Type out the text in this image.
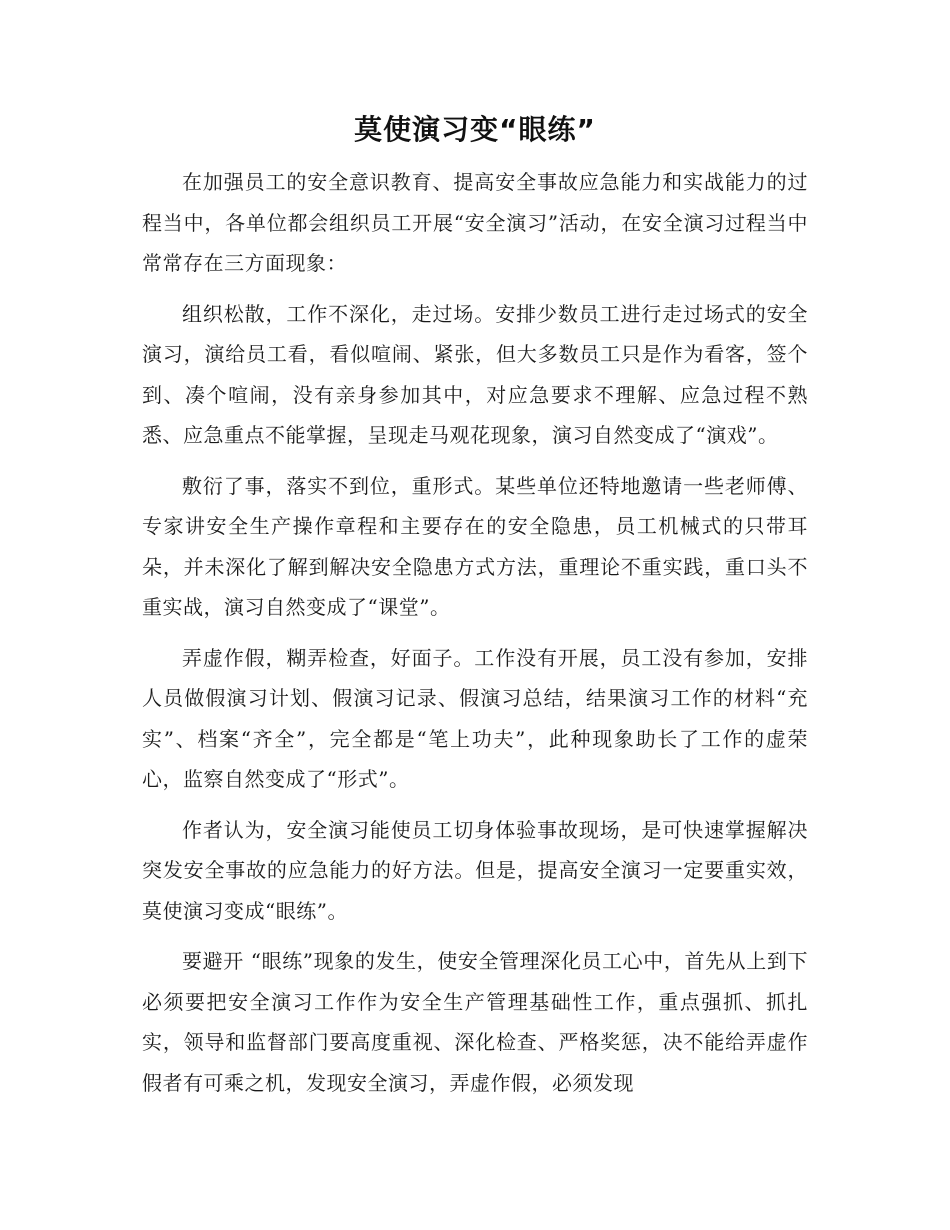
莫使演习变“眼练”

在加强员工的安全意识教育、提高安全事故应急能力和实战能力的过程当中，各单位都会组织员工开展“安全演习”活动，在安全演习过程当中常常存在三方面现象：

组织松散，工作不深化，走过场。安排少数员工进行走过场式的安全演习，演给员工看，看似喧闹、紧张，但大多数员工只是作为看客，签个到、凑个喧闹，没有亲身参加其中，对应急要求不理解、应急过程不熟悉、应急重点不能掌握，呈现走马观花现象，演习自然变成了“演戏”。

敷衍了事，落实不到位，重形式。某些单位还特地邀请一些老师傅、专家讲安全生产操作章程和主要存在的安全隐患，员工机械式的只带耳朵，并未深化了解到解决安全隐患方式方法，重理论不重实践，重口头不重实战，演习自然变成了“课堂”。

弄虚作假，糊弄检查，好面子。工作没有开展，员工没有参加，安排人员做假演习计划、假演习记录、假演习总结，结果演习工作的材料“充实”、档案“齐全”，完全都是“笔上功夫”，此种现象助长了工作的虚荣心，监察自然变成了“形式”。

作者认为，安全演习能使员工切身体验事故现场，是可快速掌握解决突发安全事故的应急能力的好方法。但是，提高安全演习一定要重实效，莫使演习变成“眼练”。

要避开 “眼练”现象的发生，使安全管理深化员工心中，首先从上到下必须要把安全演习工作作为安全生产管理基础性工作，重点强抓、抓扎实，领导和监督部门要高度重视、深化检查、严格奖惩，决不能给弄虚作假者有可乘之机，发现安全演习，弄虚作假，必须发现
